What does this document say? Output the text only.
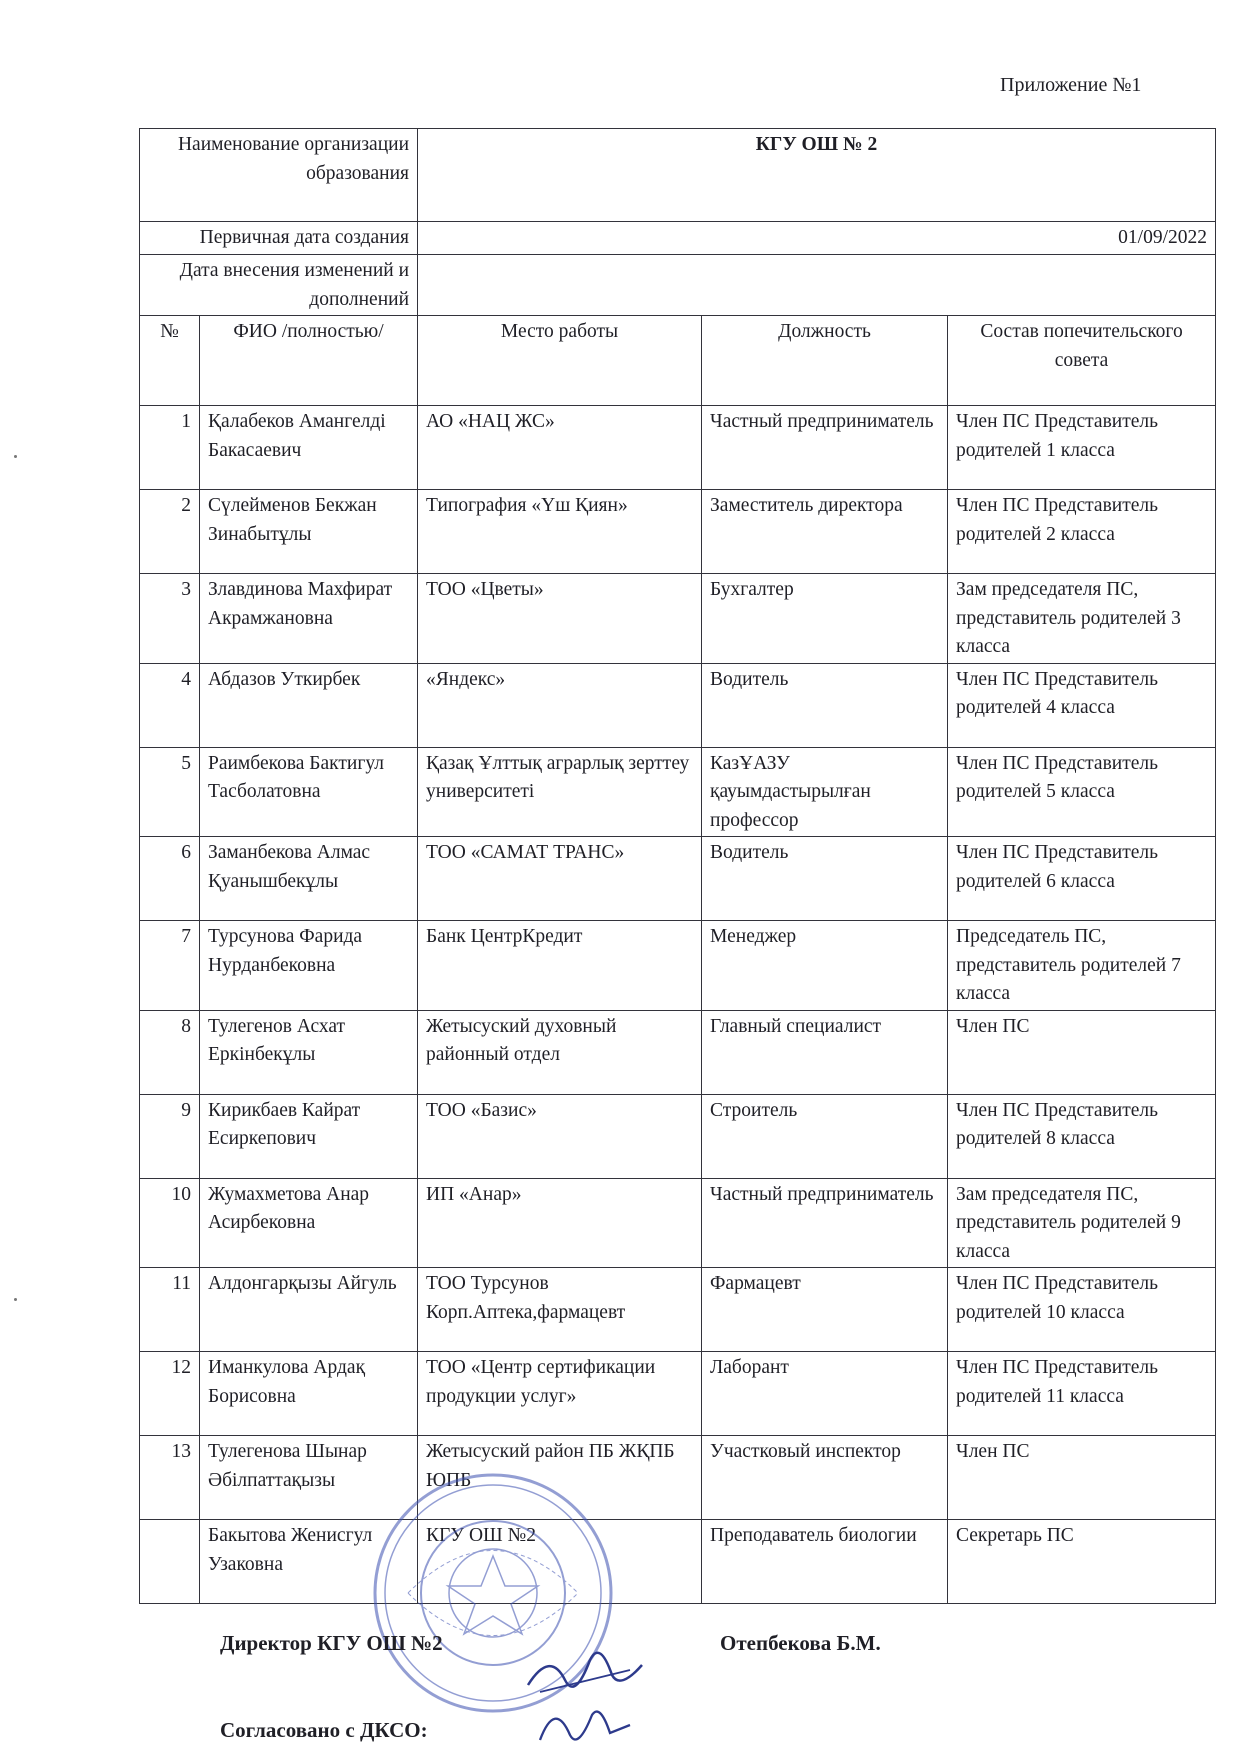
Приложение №1
Наименование организации образования		КГУ ОШ № 2		
Первичная дата создания		01/09/2022		
Дата внесения изменений и дополнений				
№	ФИО /полностью/	Место работы	Должность	Состав попечительского совета
1	Қалабеков Амангелді Бакасаевич	АО «НАЦ ЖС»	Частный предприниматель	Член ПС Представитель родителей 1 класса
2	Сүлейменов Бекжан Зинабытұлы	Типография «Үш Қиян»	Заместитель директора	Член ПС Представитель родителей 2 класса
3	Злавдинова Махфират Акрамжановна	ТОО «Цветы»	Бухгалтер	Зам председателя ПС, представитель родителей 3 класса
4	Абдазов Уткирбек	«Яндекс»	Водитель	Член ПС Представитель родителей 4 класса
5	Раимбекова Бактигул Тасболатовна	Қазақ Ұлттық аграрлық зерттеу университеті	КазҰАЗУ қауымдастырылған профессор	Член ПС Представитель родителей 5 класса
6	Заманбекова Алмас Қуанышбекұлы	ТОО «САМАТ ТРАНС»	Водитель	Член ПС Представитель родителей 6 класса
7	Турсунова Фарида Нурданбековна	Банк ЦентрКредит	Менеджер	Председатель ПС, представитель родителей 7 класса
8	Тулегенов Асхат Еркінбекұлы	Жетысуский духовный районный отдел	Главный специалист	Член ПС
9	Кирикбаев Кайрат Есиркепович	ТОО «Базис»	Строитель	Член ПС Представитель родителей 8 класса
10	Жумахметова Анар Асирбековна	ИП «Анар»	Частный предприниматель	Зам председателя ПС, представитель родителей 9 класса
11	Алдонгарқызы Айгуль	ТОО Турсунов Корп.Аптека,фармацевт	Фармацевт	Член ПС Представитель родителей 10 класса
12	Иманкулова Ардақ Борисовна	ТОО «Центр сертификации продукции услуг»	Лаборант	Член ПС Представитель родителей 11 класса
13	Тулегенова Шынар Әбілпаттақызы	Жетысуский район ПБ ЖҚПБ ЮПБ	Участковый инспектор	Член ПС
	Бакытова Женисгул Узаковна	КГУ ОШ №2	Преподаватель биологии	Секретарь ПС
Директор КГУ ОШ №2	Отепбекова Б.М.
Согласовано с ДКСО:
